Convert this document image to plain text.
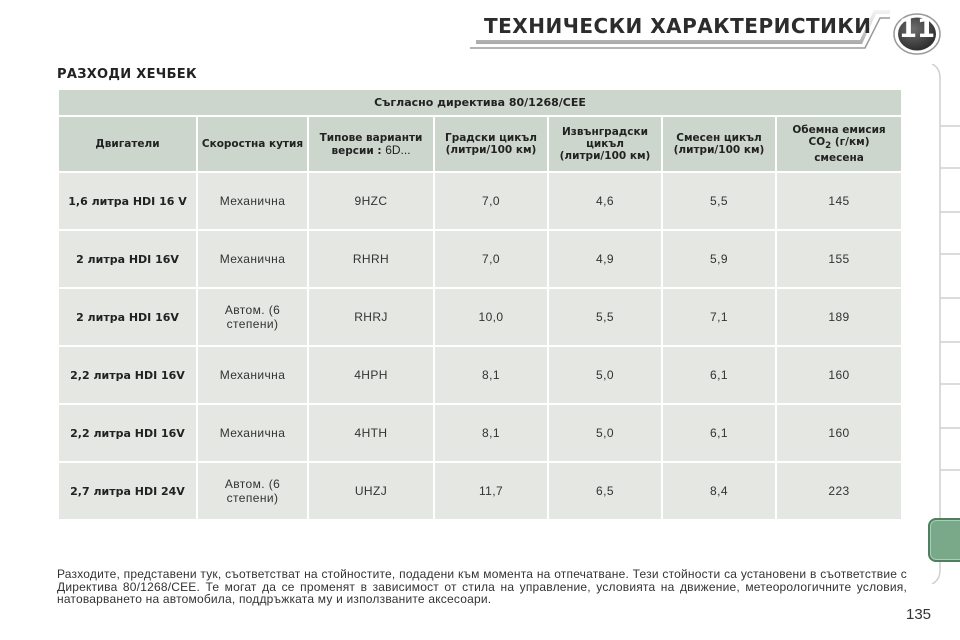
ТЕХНИЧЕСКИ ХАРАКТЕРИСТИКИ 11
РАЗХОДИ ХЕЧБЕК
Съгласно директива 80/1268/CEE						
Двигатели	Скоростна кутия	Типове варианти версии : 6D...	Градски цикъл (литри/100 км)	Извънградски цикъл (литри/100 км)	Смесен цикъл (литри/100 км)	Обемна емисия
$CO_2$ (г/км)
смесена
1,6 литра HDI 16 V	Механична	9HZC	7,0	4,6	5,5	145
2 литра HDI 16V	Механична	RHRH	7,0	4,9	5,9	155
2 литра HDI 16V	Автом. (6 степени)	RHRJ	10,0	5,5	7,1	189
2,2 литра HDI 16V	Механична	4HPH	8,1	5,0	6,1	160
2,2 литра HDI 16V	Механична	4HTH	8,1	5,0	6,1	160
2,7 литра HDI 24V	Автом. (6 степени)	UHZJ	11,7	6,5	8,4	223
Разходите, представени тук, съответстват на стойностите, подадени към момента на отпечатване. Тези стойности са установени в съответствие с Директива 80/1268/CEE. Те могат да се променят в зависимост от стила на управление, условията на движение, метеорологичните условия, натоварването на автомобила, поддръжката му и използваните аксесоари.
135
